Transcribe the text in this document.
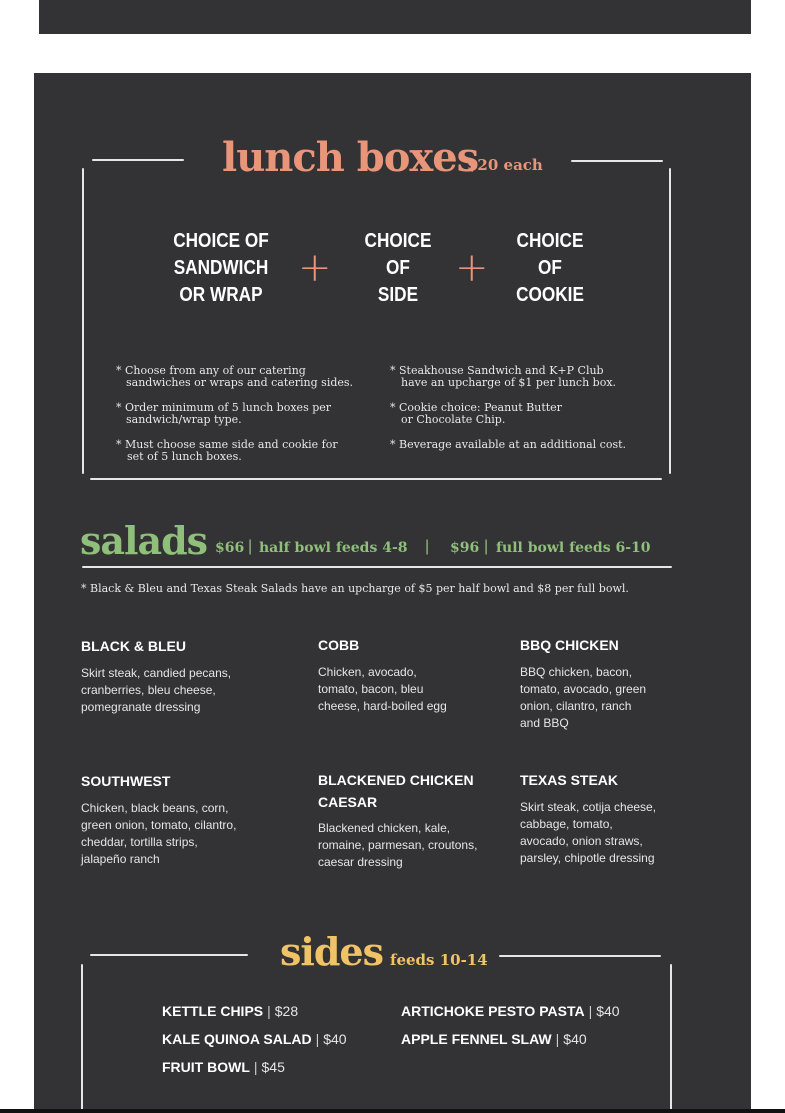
lunch boxes
$20 each
CHOICE OF
SANDWICH
OR WRAP
+
CHOICE
OF
SIDE
+
CHOICE
OF
COOKIE
* Choose from any of our catering
sandwiches or wraps and catering sides.
* Order minimum of 5 lunch boxes per
sandwich/wrap type.
* Must choose same side and cookie for
set of 5 lunch boxes.
* Steakhouse Sandwich and K+P Club
have an upcharge of $1 per lunch box.
* Cookie choice: Peanut Butter
or Chocolate Chip.
* Beverage available at an additional cost.
salads $66 | half bowl feeds 4-8 | $96 | full bowl feeds 6-10
* Black & Bleu and Texas Steak Salads have an upcharge of $5 per half bowl and $8 per full bowl.
BLACK & BLEU
Skirt steak, candied pecans,
cranberries, bleu cheese,
pomegranate dressing
COBB
Chicken, avocado,
tomato, bacon, bleu
cheese, hard-boiled egg
BBQ CHICKEN
BBQ chicken, bacon,
tomato, avocado, green
onion, cilantro, ranch
and BBQ
SOUTHWEST
Chicken, black beans, corn,
green onion, tomato, cilantro,
cheddar, tortilla strips,
jalapeño ranch
BLACKENED CHICKEN
CAESAR
Blackened chicken, kale,
romaine, parmesan, croutons,
caesar dressing
TEXAS STEAK
Skirt steak, cotija cheese,
cabbage, tomato,
avocado, onion straws,
parsley, chipotle dressing
sides feeds 10-14
KETTLE CHIPS | $28	ARTICHOKE PESTO PASTA | $40
KALE QUINOA SALAD | $40	APPLE FENNEL SLAW | $40
FRUIT BOWL | $45
